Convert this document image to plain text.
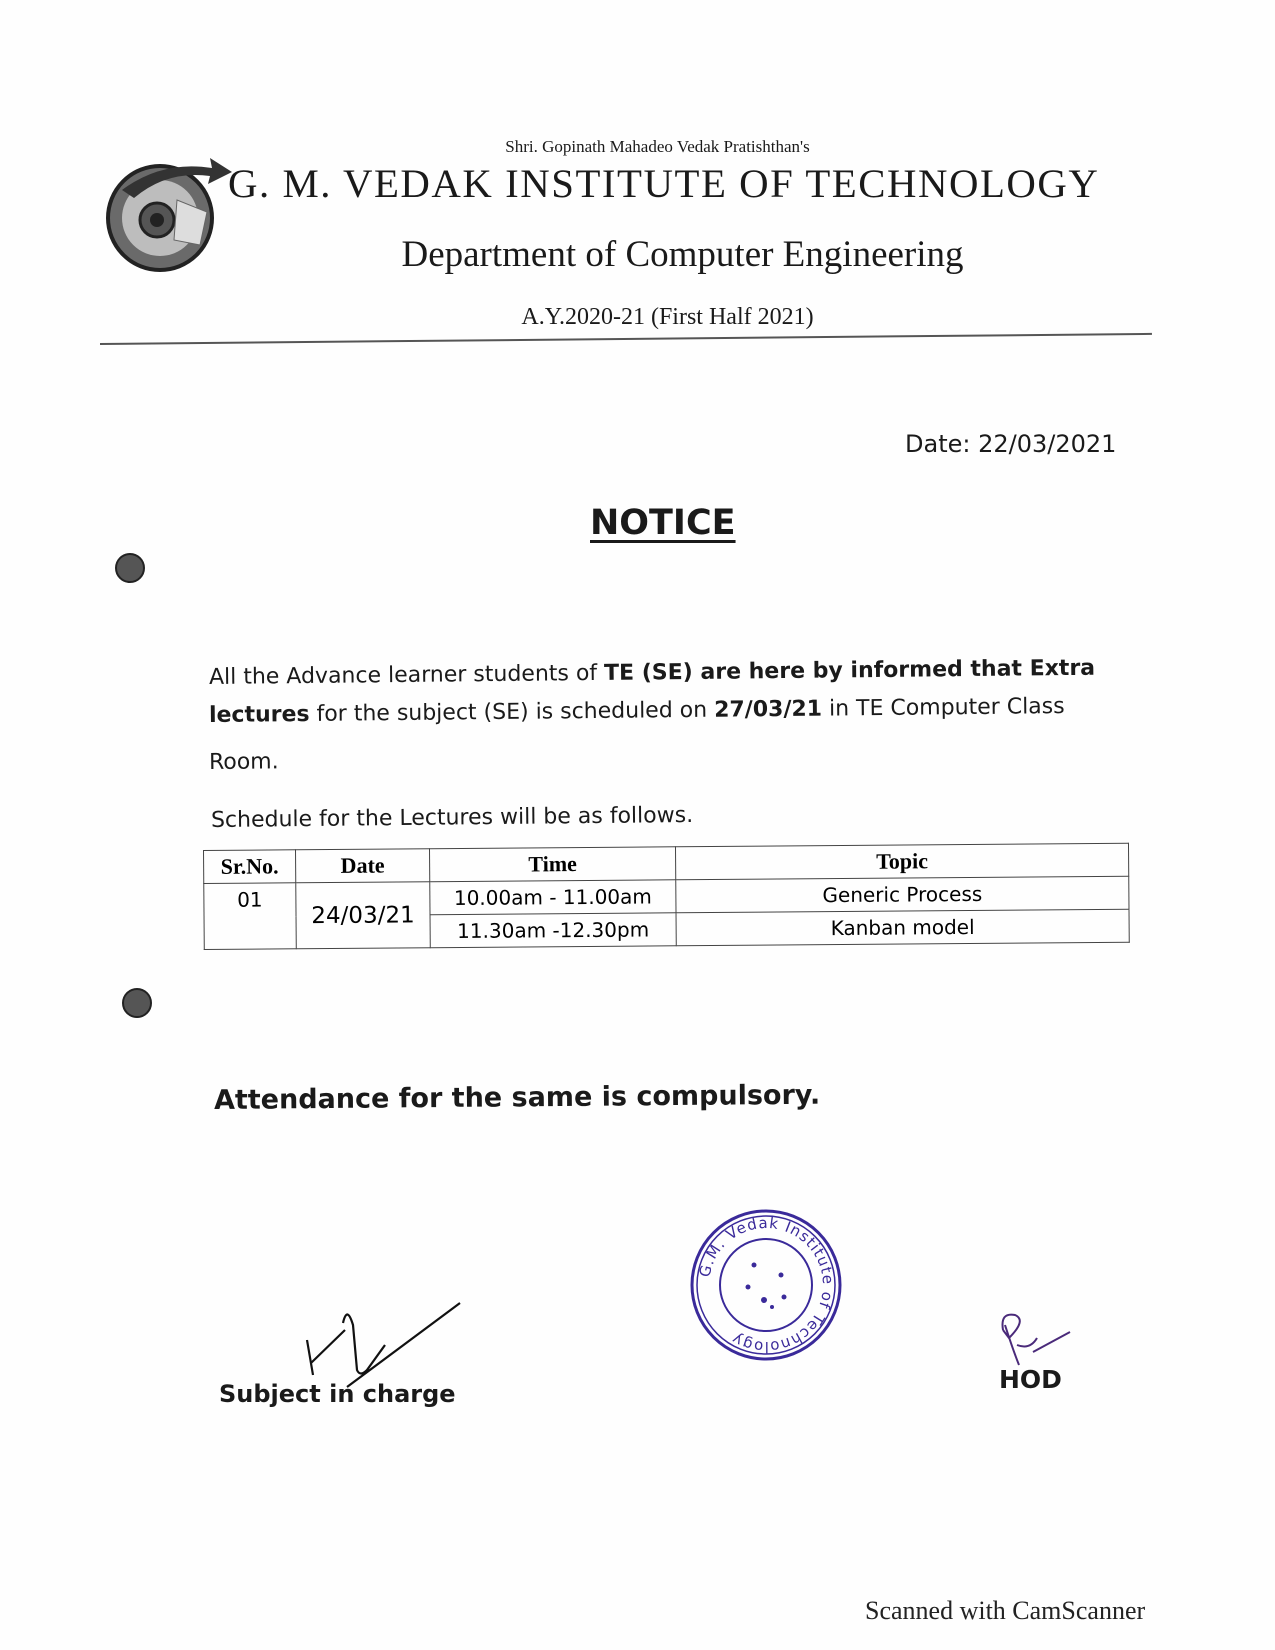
Shri. Gopinath Mahadeo Vedak Pratishthan's
G. M. VEDAK INSTITUTE OF TECHNOLOGY
Department of Computer Engineering
A.Y.2020-21 (First Half 2021)
Date: 22/03/2021
NOTICE
All the Advance learner students of TE (SE) are here by informed that Extra
lectures for the subject (SE) is scheduled on 27/03/21 in TE Computer Class
Room.
Schedule for the Lectures will be as follows.
Sr.No.	Date	Time	Topic
01	24/03/21	10.00am - 11.00am	Generic Process
		11.30am -12.30pm	Kanban model
Attendance for the same is compulsory.
G.M. Vedak Institute of Technology
Subject in charge	HOD
Scanned with CamScanner
